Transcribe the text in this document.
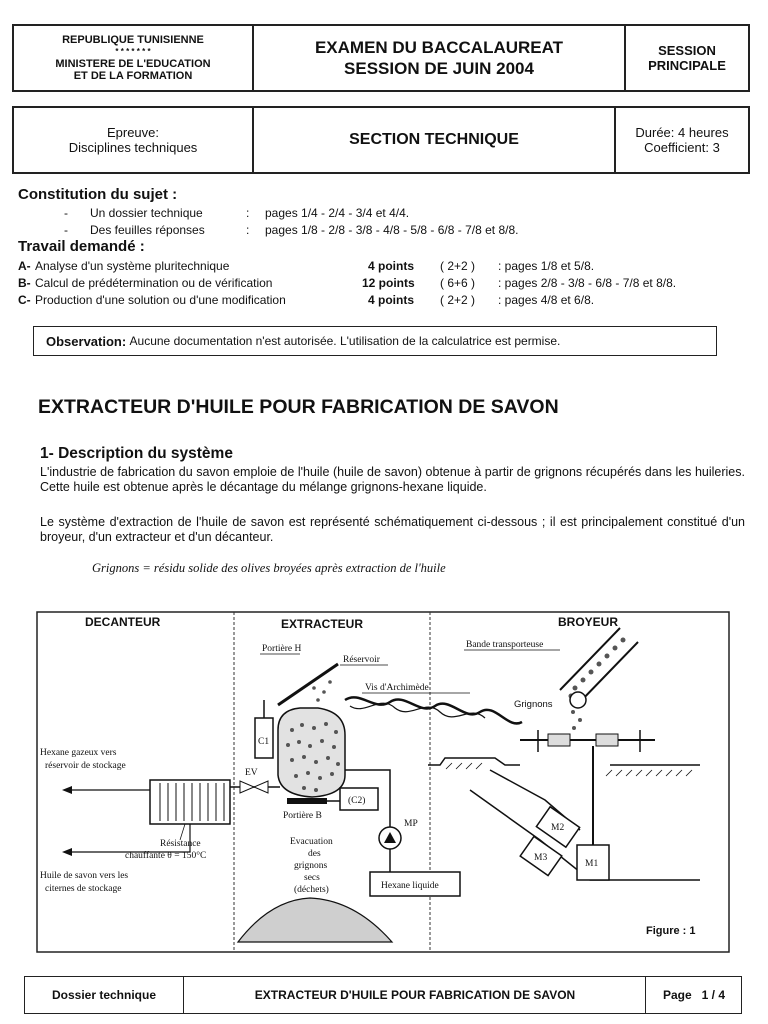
REPUBLIQUE TUNISIENNE
* * * * * * *
MINISTERE DE L'EDUCATION
ET DE LA FORMATION
EXAMEN DU BACCALAUREAT
SESSION DE JUIN 2004
SESSION
PRINCIPALE
Epreuve:
Disciplines techniques	SECTION TECHNIQUE	Durée: 4 heures
Coefficient: 3
Constitution du sujet :
- Un dossier technique	: pages 1/4 - 2/4 - 3/4 et 4/4.
- Des feuilles réponses	: pages 1/8 - 2/8 - 3/8 - 4/8 - 5/8 - 6/8 - 7/8 et 8/8.
Travail demandé :
A- Analyse d'un système pluritechnique	4 points ( 2+2 ) : pages 1/8 et 5/8.
B- Calcul de prédétermination ou de vérification	12 points ( 6+6 ) : pages 2/8 - 3/8 - 6/8 - 7/8 et 8/8.
C- Production d'une solution ou d'une modification	4 points ( 2+2 ) : pages 4/8 et 6/8.
Observation:
Aucune documentation n'est autorisée. L'utilisation de la calculatrice est permise.
EXTRACTEUR D'HUILE POUR FABRICATION DE SAVON
1- Description du système
L'industrie de fabrication du savon emploie de l'huile (huile de savon) obtenue à partir de grignons récupérés dans les huileries. Cette huile est obtenue après le décantage du mélange grignons-hexane liquide.
Le système d'extraction de l'huile de savon est représenté schématiquement ci-dessous ; il est principalement constitué d'un broyeur, d'un extracteur et d'un décanteur.
Grignons = résidu solide des olives broyées après extraction de l'huile
DECANTEUR	EXTRACTEUR	BROYEUR
Hexane gazeux vers
réservoir de stockage
Résistance
chauffante θ = 150°C
Huile de savon vers les
citernes de stockage
EV
Portière H
C1
(C2)
Portière B
Réservoir
Vis d'Archimède
MP
Hexane liquide
Evacuation
des
grignons
secs
(déchets)
Bande transporteuse
Grignons
M1
M2
M3
Figure : 1
Dossier technique	EXTRACTEUR D'HUILE POUR FABRICATION DE SAVON	Page   1 / 4
